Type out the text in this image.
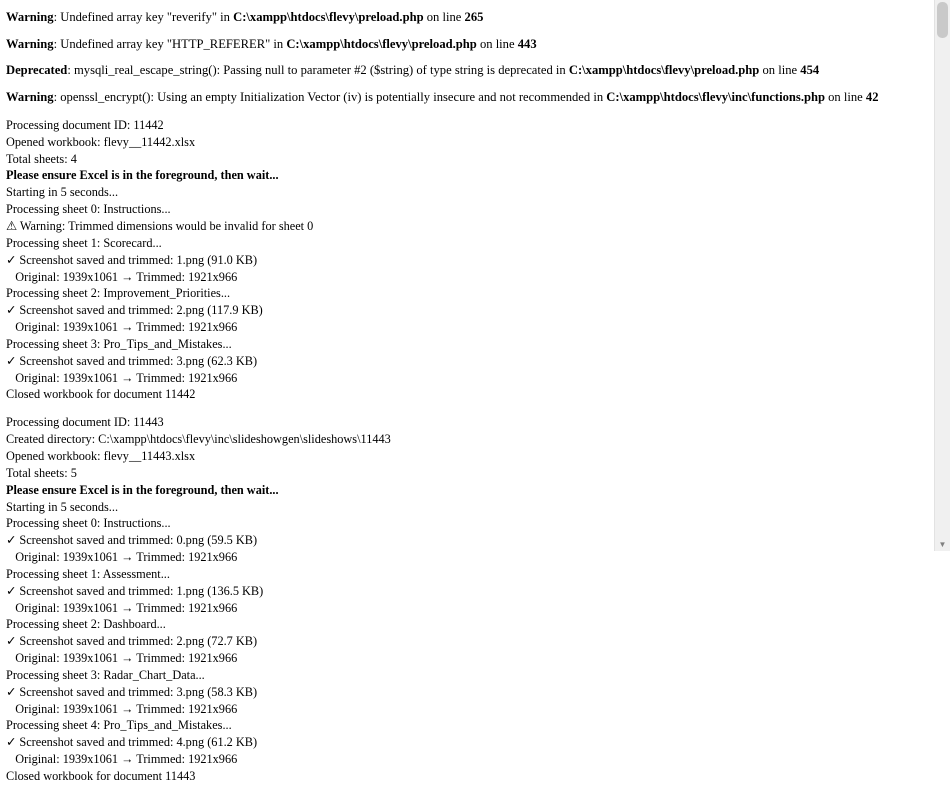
Warning: Undefined array key "reverify" in C:\xampp\htdocs\flevy\preload.php on line 265

Warning: Undefined array key "HTTP_REFERER" in C:\xampp\htdocs\flevy\preload.php on line 443

Deprecated: mysqli_real_escape_string(): Passing null to parameter #2 ($string) of type string is deprecated in C:\xampp\htdocs\flevy\preload.php on line 454

Warning: openssl_encrypt(): Using an empty Initialization Vector (iv) is potentially insecure and not recommended in C:\xampp\htdocs\flevy\inc\functions.php on line 42

Processing document ID: 11442
Opened workbook: flevy__11442.xlsx
Total sheets: 4
Please ensure Excel is in the foreground, then wait...
Starting in 5 seconds...
Processing sheet 0: Instructions...
⚠ Warning: Trimmed dimensions would be invalid for sheet 0
Processing sheet 1: Scorecard...
✓ Screenshot saved and trimmed: 1.png (91.0 KB)
Original: 1939x1061 → Trimmed: 1921x966
Processing sheet 2: Improvement_Priorities...
✓ Screenshot saved and trimmed: 2.png (117.9 KB)
Original: 1939x1061 → Trimmed: 1921x966
Processing sheet 3: Pro_Tips_and_Mistakes...
✓ Screenshot saved and trimmed: 3.png (62.3 KB)
Original: 1939x1061 → Trimmed: 1921x966
Closed workbook for document 11442
Processing document ID: 11443
Created directory: C:\xampp\htdocs\flevy\inc\slideshowgen\slideshows\11443
Opened workbook: flevy__11443.xlsx
Total sheets: 5
Please ensure Excel is in the foreground, then wait...
Starting in 5 seconds...
Processing sheet 0: Instructions...
✓ Screenshot saved and trimmed: 0.png (59.5 KB)
Original: 1939x1061 → Trimmed: 1921x966
Processing sheet 1: Assessment...
✓ Screenshot saved and trimmed: 1.png (136.5 KB)
Original: 1939x1061 → Trimmed: 1921x966
Processing sheet 2: Dashboard...
✓ Screenshot saved and trimmed: 2.png (72.7 KB)
Original: 1939x1061 → Trimmed: 1921x966
Processing sheet 3: Radar_Chart_Data...
✓ Screenshot saved and trimmed: 3.png (58.3 KB)
Original: 1939x1061 → Trimmed: 1921x966
Processing sheet 4: Pro_Tips_and_Mistakes...
✓ Screenshot saved and trimmed: 4.png (61.2 KB)
Original: 1939x1061 → Trimmed: 1921x966
Closed workbook for document 11443
▼
